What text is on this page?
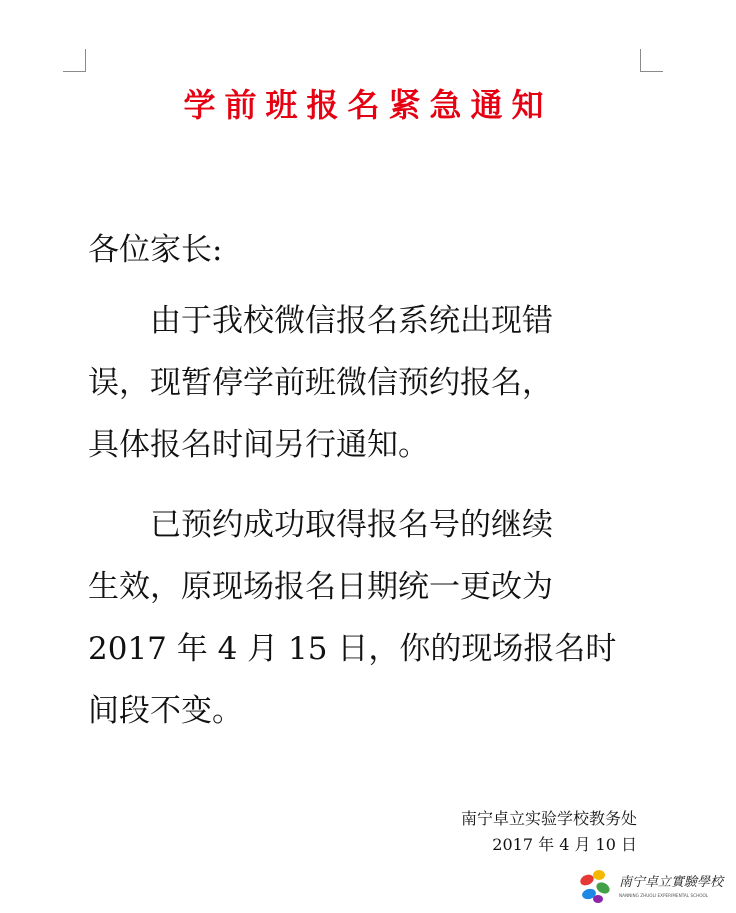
学前班报名紧急通知
各位家长:
由于我校微信报名系统出现错
误，现暂停学前班微信预约报名，
具体报名时间另行通知。
已预约成功取得报名号的继续
生效，原现场报名日期统一更改为
2017 年 4 月 15 日，你的现场报名时
间段不变。
南宁卓立实验学校教务处
2017 年 4 月 10 日
南宁卓立實驗學校
NANNING ZHUOLI EXPERIMENTAL SCHOOL
